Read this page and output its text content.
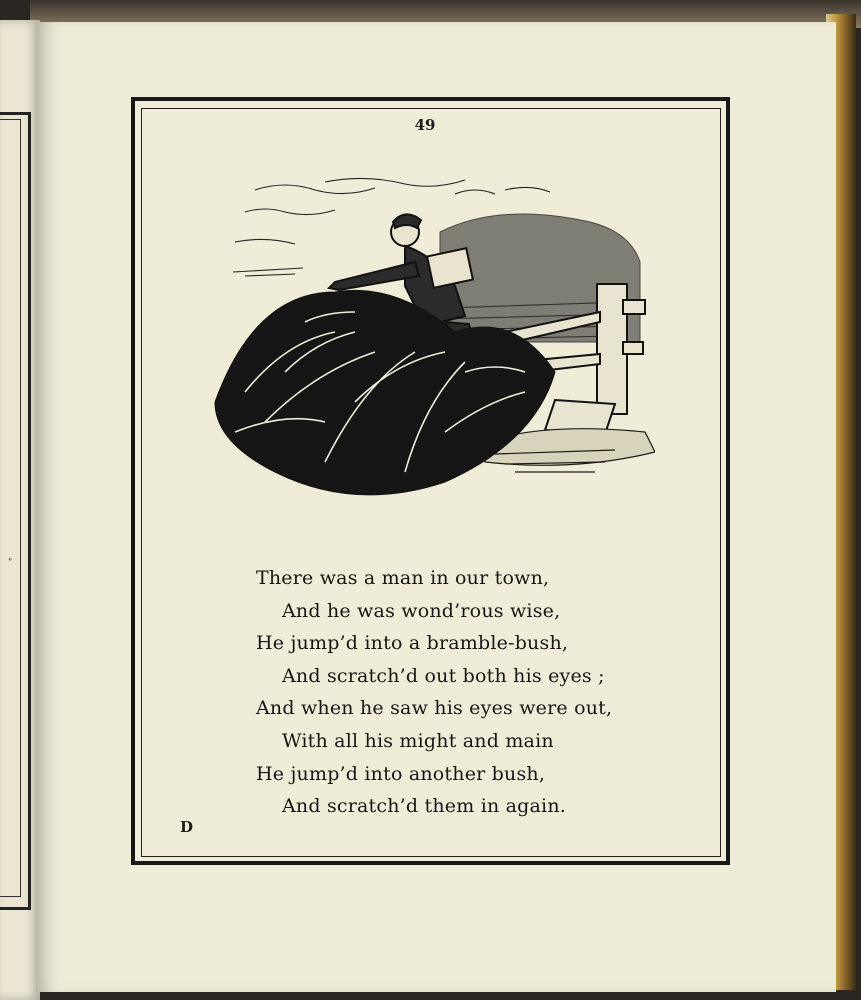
"
49
There was a man in our town,
And he was wond’rous wise,
He jump’d into a bramble-bush,
And scratch’d out both his eyes ;
And when he saw his eyes were out,
With all his might and main
He jump’d into another bush,
And scratch’d them in again.
D
